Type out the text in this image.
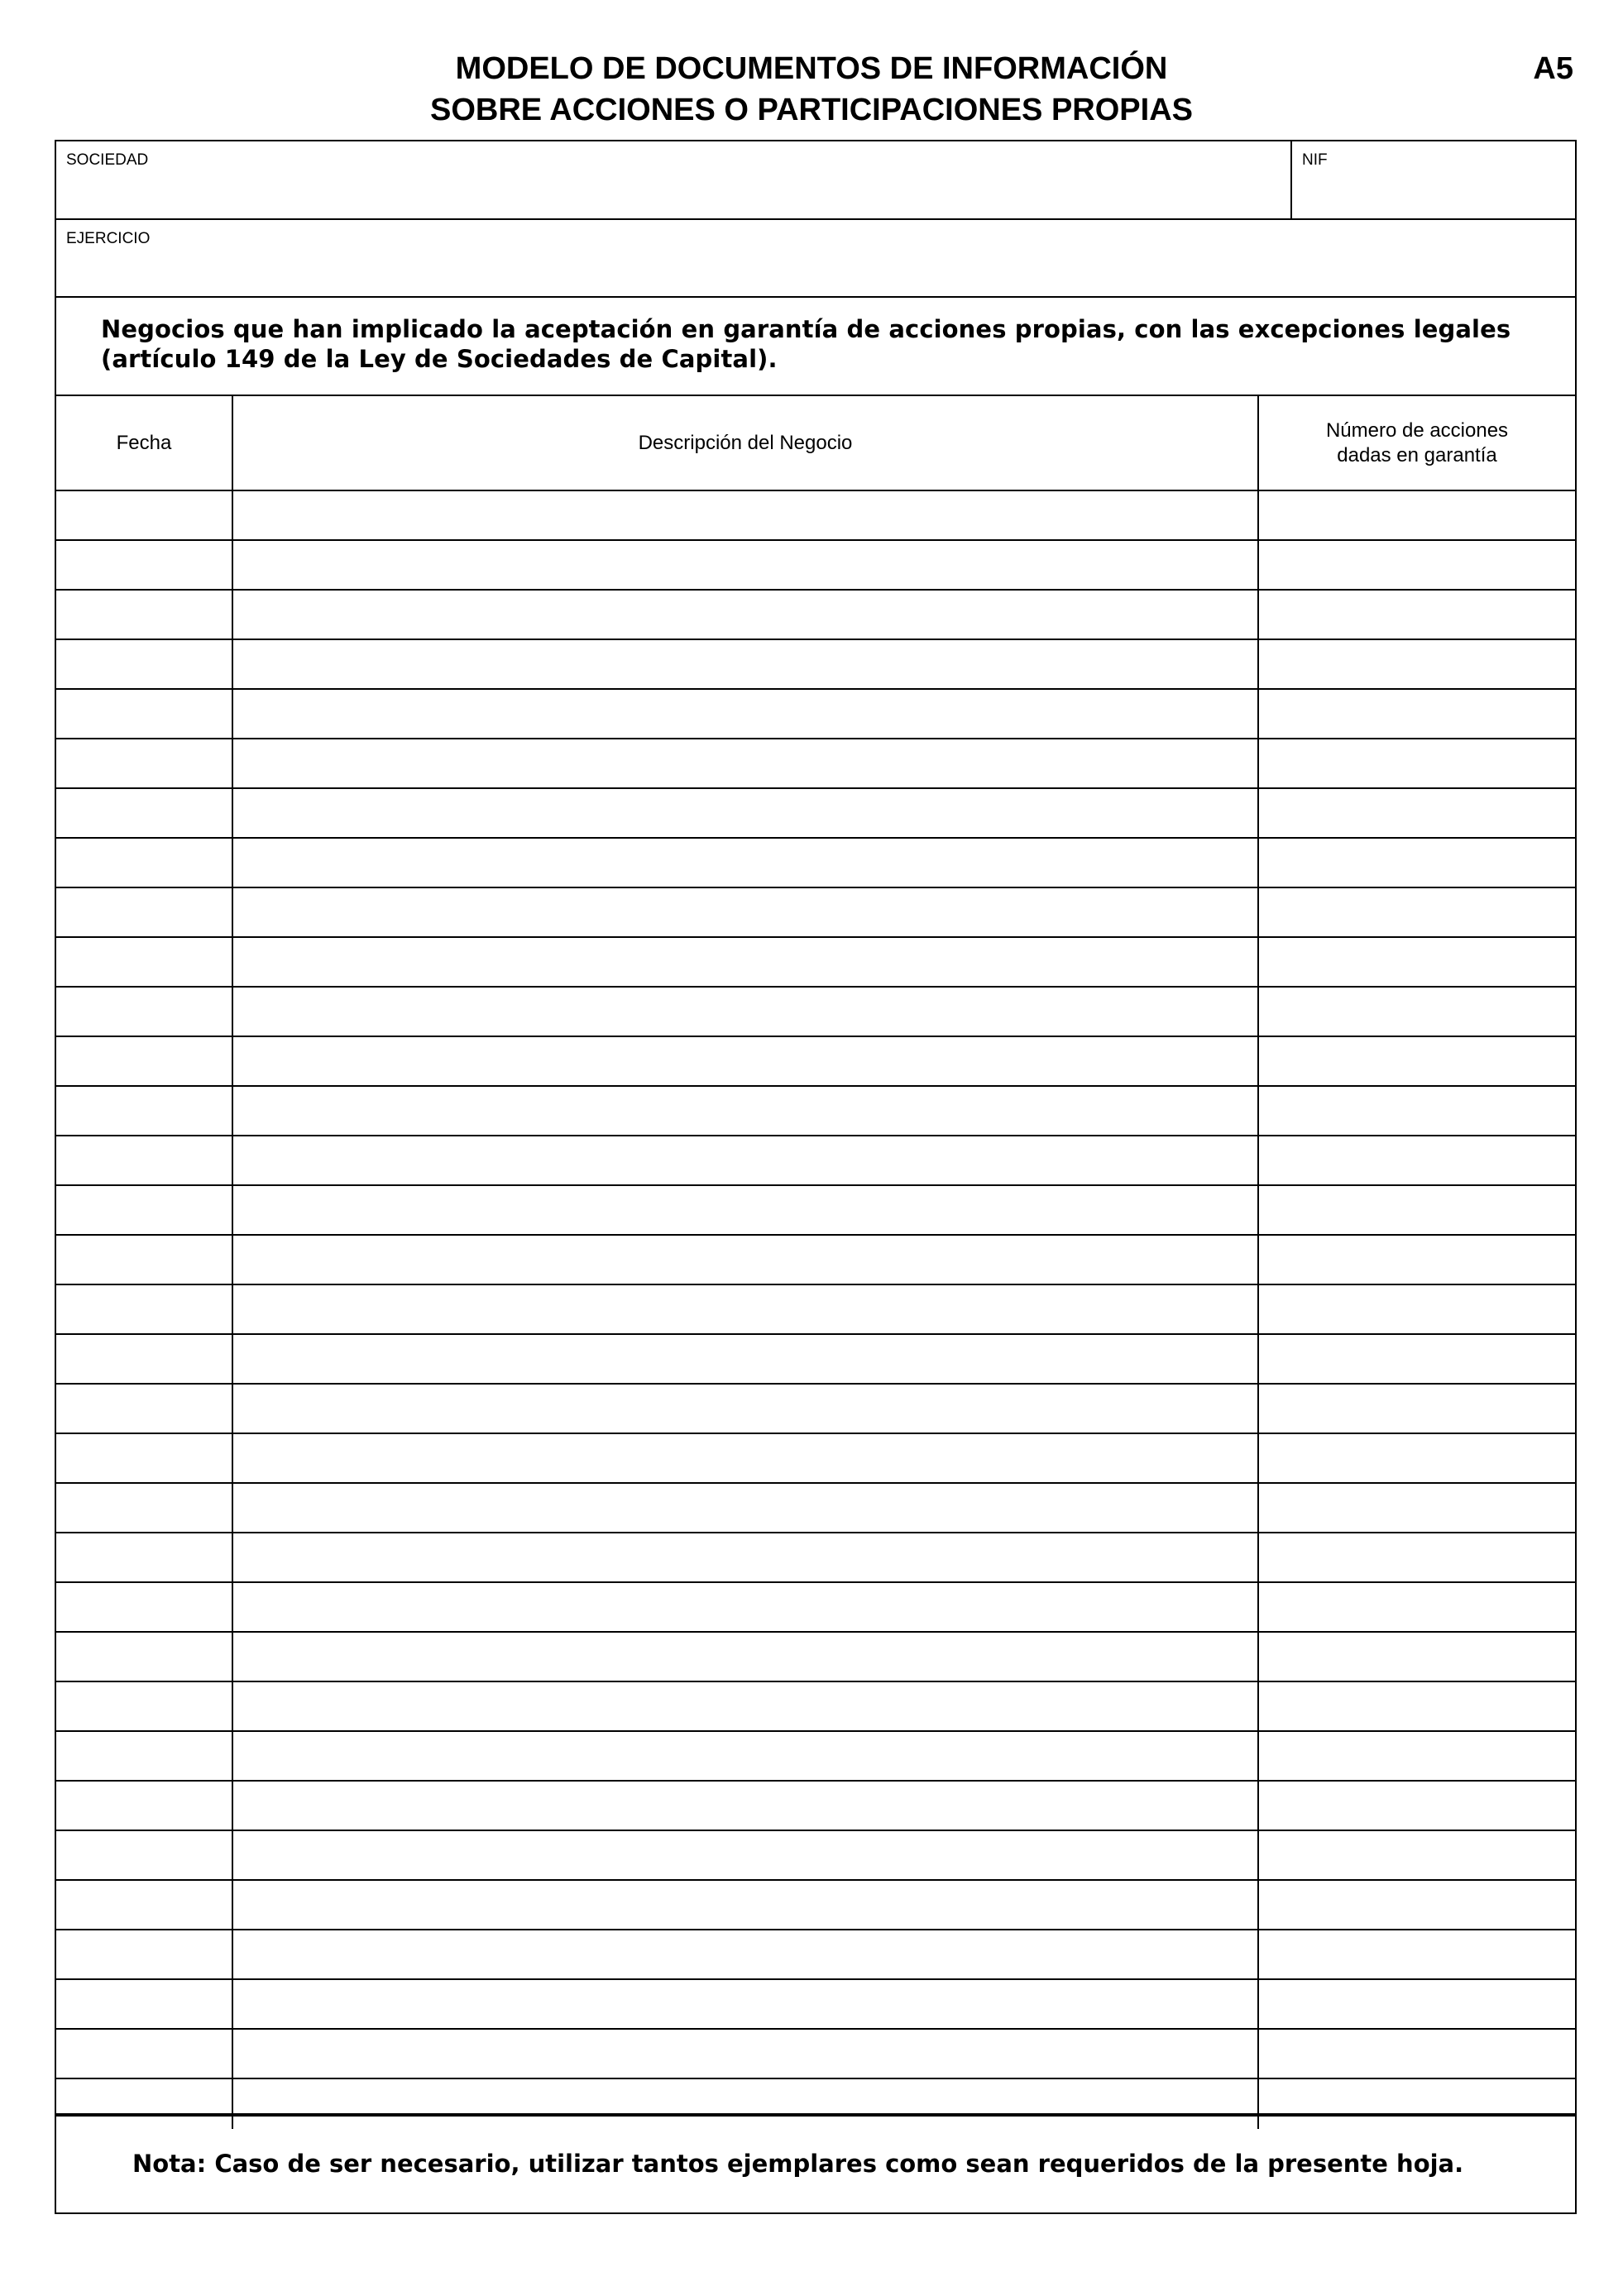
MODELO DE DOCUMENTOS DE INFORMACIÓN
SOBRE ACCIONES O PARTICIPACIONES PROPIAS
A5
SOCIEDAD	NIF
EJERCICIO
Negocios que han implicado la aceptación en garantía de acciones propias, con las excepciones legales (artículo 149 de la Ley de Sociedades de Capital).
Fecha	Descripción del Negocio
Número de acciones
dadas en garantía
Nota: Caso de ser necesario, utilizar tantos ejemplares como sean requeridos de la presente hoja.
